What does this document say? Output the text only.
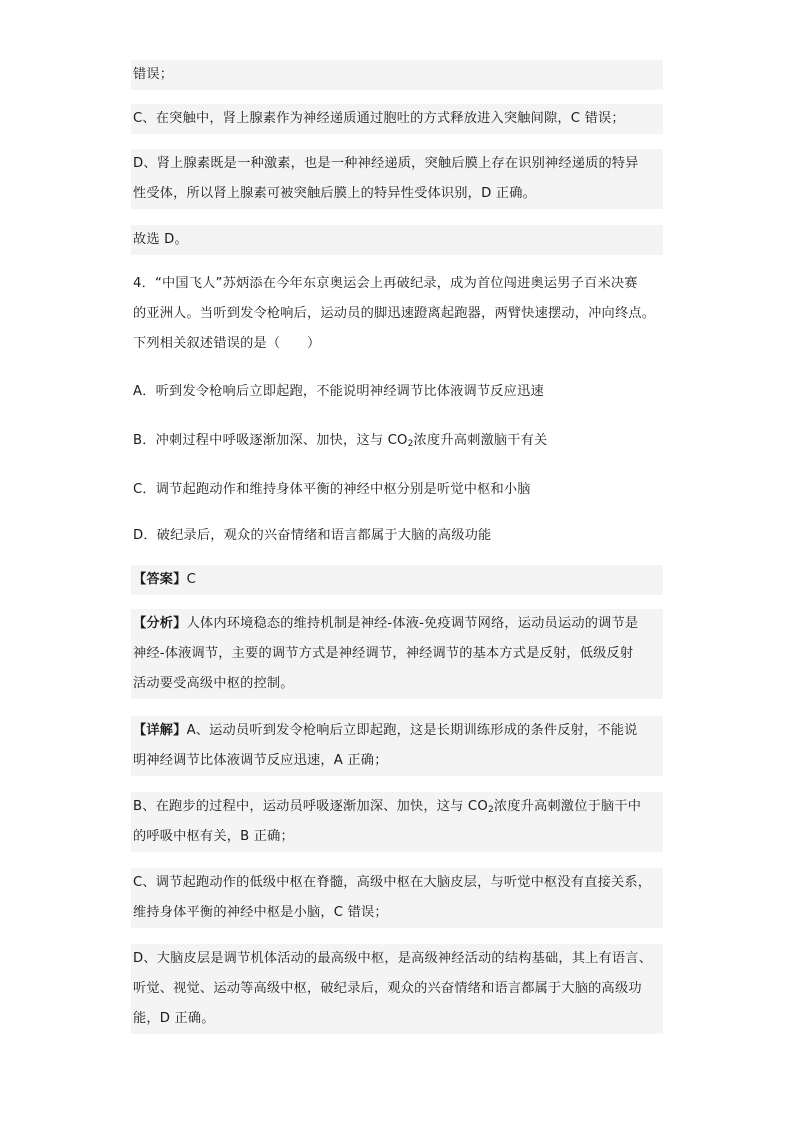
错误；
C、在突触中，肾上腺素作为神经递质通过胞吐的方式释放进入突触间隙，C 错误；
D、肾上腺素既是一种激素，也是一种神经递质，突触后膜上存在识别神经递质的特异
性受体，所以肾上腺素可被突触后膜上的特异性受体识别，D 正确。
故选 D。
4．“中国飞人”苏炳添在今年东京奥运会上再破纪录，成为首位闯进奥运男子百米决赛
的亚洲人。当听到发令枪响后，运动员的脚迅速蹬离起跑器，两臂快速摆动，冲向终点。
下列相关叙述错误的是（　　）
A．听到发令枪响后立即起跑，不能说明神经调节比体液调节反应迅速
B．冲刺过程中呼吸逐渐加深、加快，这与 $CO_2$浓度升高刺激脑干有关
C．调节起跑动作和维持身体平衡的神经中枢分别是听觉中枢和小脑
D．破纪录后，观众的兴奋情绪和语言都属于大脑的高级功能
【答案】C
【分析】人体内环境稳态的维持机制是神经-体液-免疫调节网络，运动员运动的调节是
神经-体液调节，主要的调节方式是神经调节，神经调节的基本方式是反射，低级反射
活动要受高级中枢的控制。
【详解】A、运动员听到发令枪响后立即起跑，这是长期训练形成的条件反射，不能说
明神经调节比体液调节反应迅速，A 正确；
B、在跑步的过程中，运动员呼吸逐渐加深、加快，这与 $CO_2$浓度升高刺激位于脑干中
的呼吸中枢有关，B 正确；
C、调节起跑动作的低级中枢在脊髓，高级中枢在大脑皮层，与听觉中枢没有直接关系，
维持身体平衡的神经中枢是小脑，C 错误；
D、大脑皮层是调节机体活动的最高级中枢，是高级神经活动的结构基础，其上有语言、
听觉、视觉、运动等高级中枢，破纪录后，观众的兴奋情绪和语言都属于大脑的高级功
能，D 正确。
